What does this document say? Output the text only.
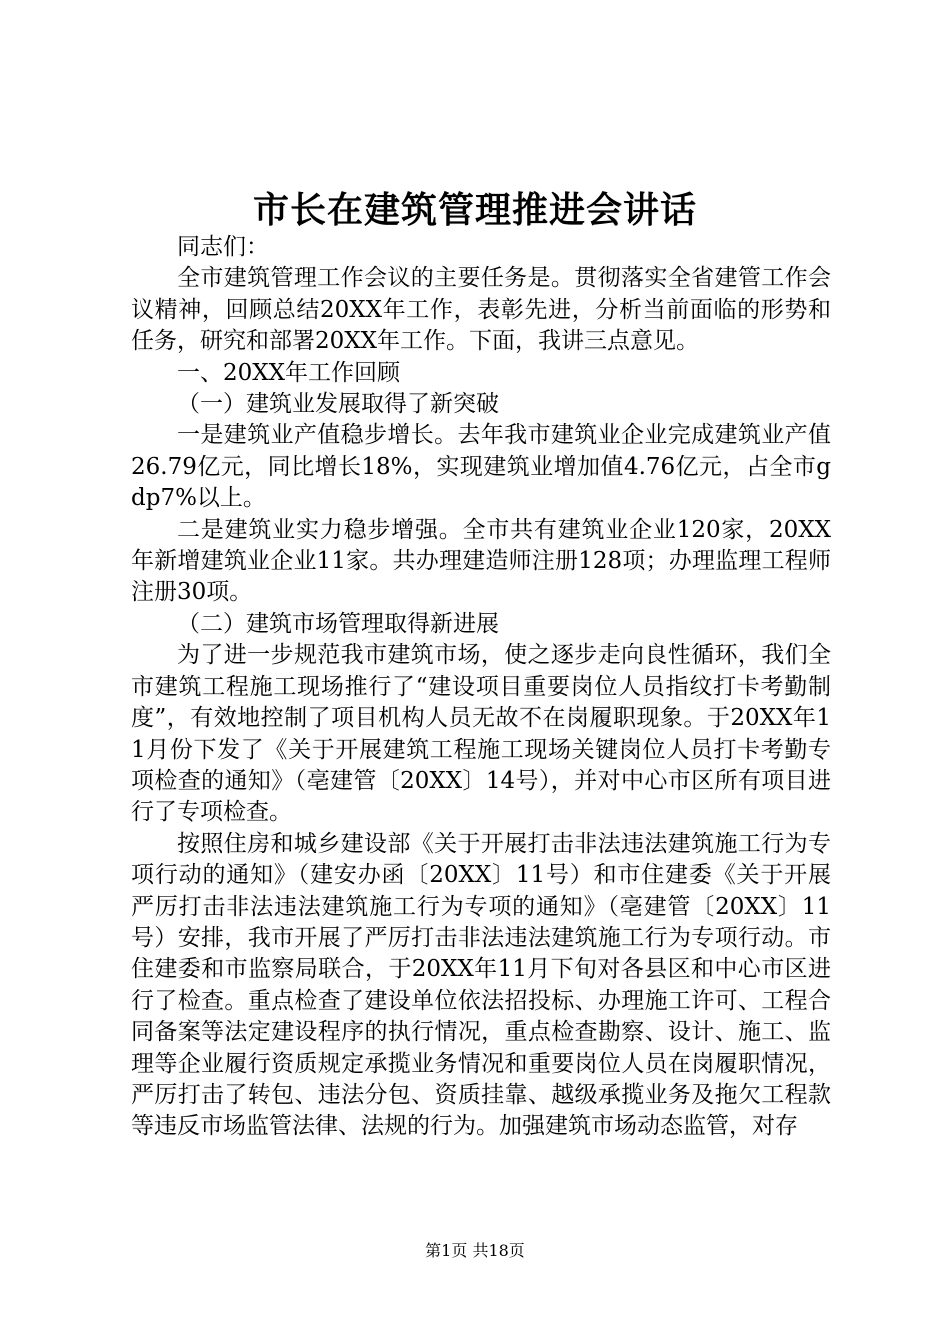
市长在建筑管理推进会讲话

同志们：

全市建筑管理工作会议的主要任务是。贯彻落实全省建管工作会议精神，回顾总结20XX年工作，表彰先进，分析当前面临的形势和任务，研究和部署20XX年工作。下面，我讲三点意见。

一、20XX年工作回顾

（一）建筑业发展取得了新突破

一是建筑业产值稳步增长。去年我市建筑业企业完成建筑业产值26.79亿元，同比增长18%，实现建筑业增加值4.76亿元，占全市gdp7%以上。

二是建筑业实力稳步增强。全市共有建筑业企业120家，20XX年新增建筑业企业11家。共办理建造师注册128项；办理监理工程师注册30项。

（二）建筑市场管理取得新进展

为了进一步规范我市建筑市场，使之逐步走向良性循环，我们全市建筑工程施工现场推行了“建设项目重要岗位人员指纹打卡考勤制度”，有效地控制了项目机构人员无故不在岗履职现象。于20XX年11月份下发了《关于开展建筑工程施工现场关键岗位人员打卡考勤专项检查的通知》（亳建管〔20XX〕14号），并对中心市区所有项目进行了专项检查。

按照住房和城乡建设部《关于开展打击非法违法建筑施工行为专项行动的通知》（建安办函〔20XX〕11号）和市住建委《关于开展严厉打击非法违法建筑施工行为专项的通知》（亳建管〔20XX〕11号）安排，我市开展了严厉打击非法违法建筑施工行为专项行动。市住建委和市监察局联合，于20XX年11月下旬对各县区和中心市区进行了检查。重点检查了建设单位依法招投标、办理施工许可、工程合同备案等法定建设程序的执行情况，重点检查勘察、设计、施工、监理等企业履行资质规定承揽业务情况和重要岗位人员在岗履职情况，严厉打击了转包、违法分包、资质挂靠、越级承揽业务及拖欠工程款等违反市场监管法律、法规的行为。加强建筑市场动态监管，对存

第1页 共18页
